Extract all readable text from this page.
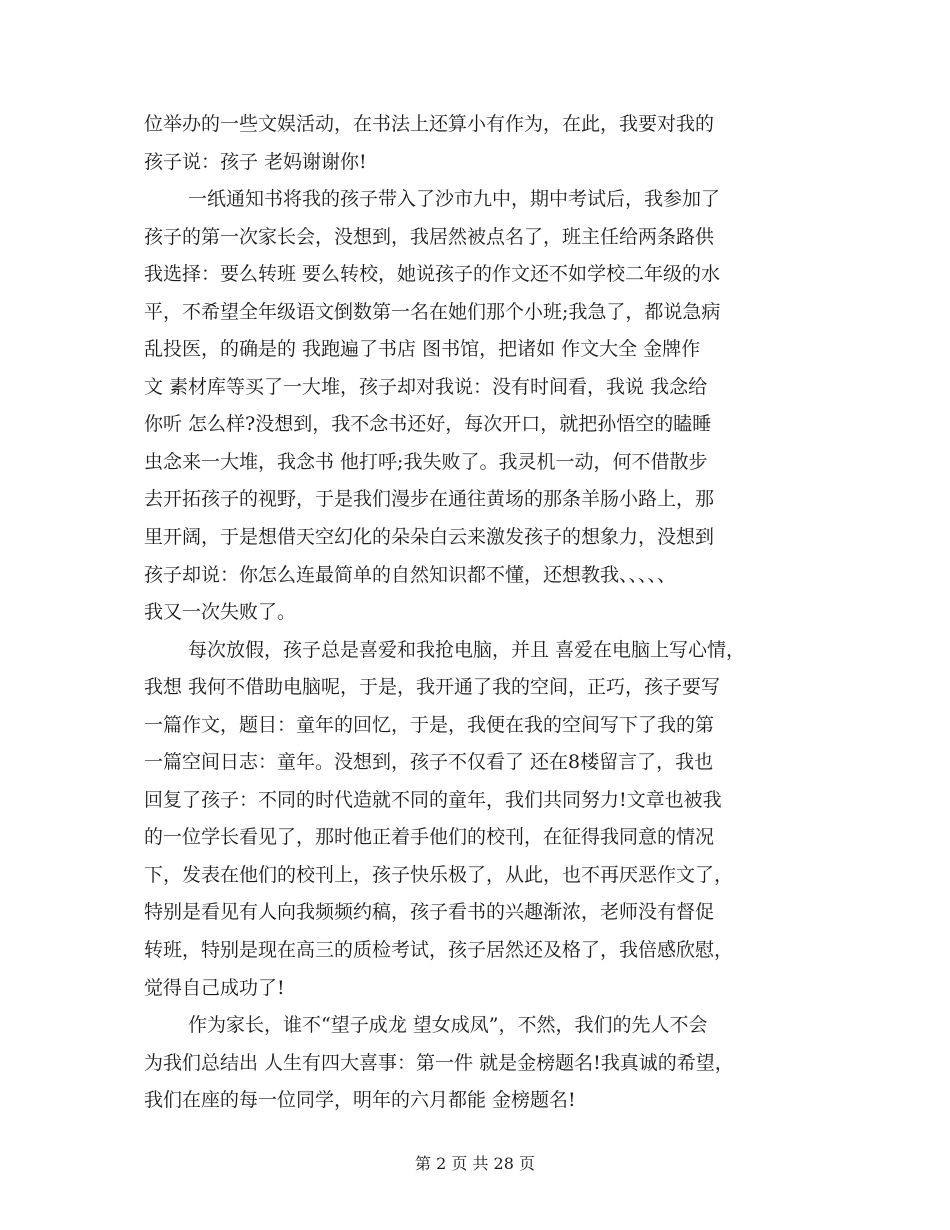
位举办的一些文娱活动，在书法上还算小有作为，在此，我要对我的
孩子说：孩子 老妈谢谢你!
一纸通知书将我的孩子带入了沙市九中，期中考试后，我参加了
孩子的第一次家长会，没想到，我居然被点名了，班主任给两条路供
我选择：要么转班 要么转校，她说孩子的作文还不如学校二年级的水
平，不希望全年级语文倒数第一名在她们那个小班;我急了，都说急病
乱投医，的确是的 我跑遍了书店 图书馆，把诸如 作文大全 金牌作
文 素材库等买了一大堆，孩子却对我说：没有时间看，我说 我念给
你听 怎么样?没想到，我不念书还好，每次开口，就把孙悟空的瞌睡
虫念来一大堆，我念书 他打呼;我失败了。我灵机一动，何不借散步
去开拓孩子的视野，于是我们漫步在通往黄场的那条羊肠小路上，那
里开阔，于是想借天空幻化的朵朵白云来激发孩子的想象力，没想到
孩子却说：你怎么连最简单的自然知识都不懂，还想教我、、、、、
我又一次失败了。
每次放假，孩子总是喜爱和我抢电脑，并且 喜爱在电脑上写心情，
我想 我何不借助电脑呢，于是，我开通了我的空间，正巧，孩子要写
一篇作文，题目：童年的回忆，于是，我便在我的空间写下了我的第
一篇空间日志：童年。没想到，孩子不仅看了 还在8楼留言了，我也
回复了孩子：不同的时代造就不同的童年，我们共同努力!文章也被我
的一位学长看见了，那时他正着手他们的校刊，在征得我同意的情况
下，发表在他们的校刊上，孩子快乐极了，从此，也不再厌恶作文了，
特别是看见有人向我频频约稿，孩子看书的兴趣渐浓，老师没有督促
转班，特别是现在高三的质检考试，孩子居然还及格了，我倍感欣慰，
觉得自己成功了!
作为家长，谁不“望子成龙 望女成凤”，不然，我们的先人不会
为我们总结出 人生有四大喜事：第一件 就是金榜题名!我真诚的希望，
我们在座的每一位同学，明年的六月都能 金榜题名!
第 2 页 共 28 页
